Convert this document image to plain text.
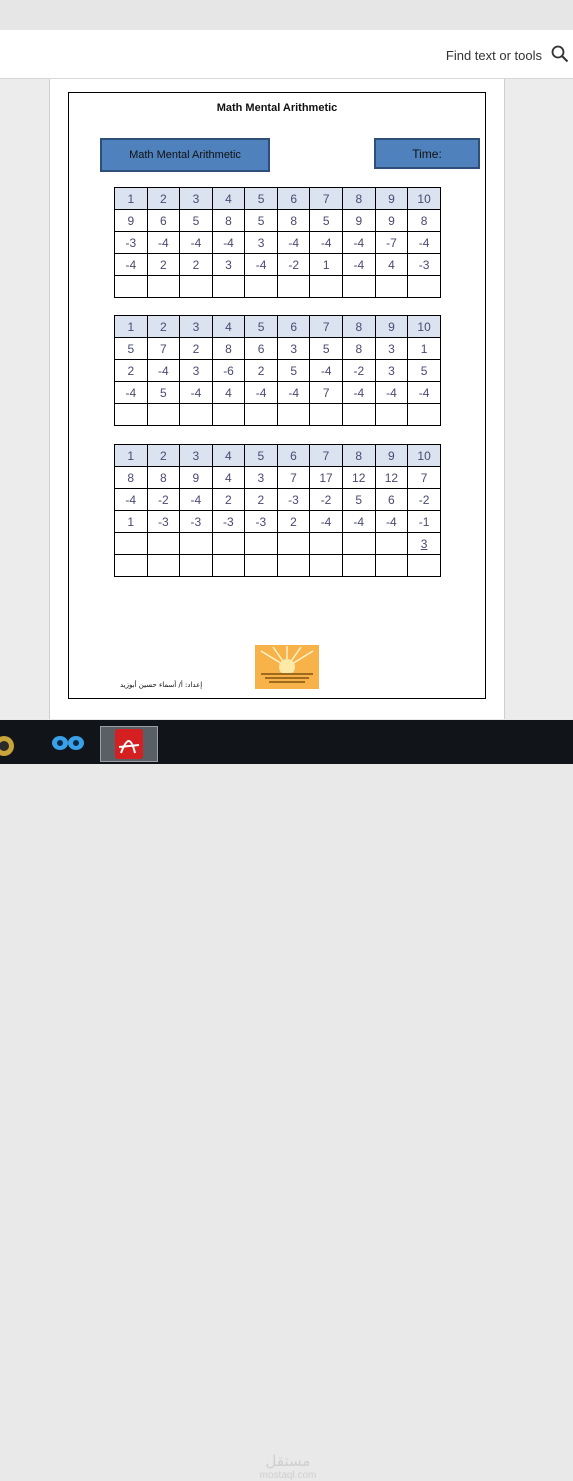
Find text or tools
Math Mental Arithmetic
Math Mental Arithmetic	Time:
1	2	3	4	5	6	7	8	9	10
9	6	5	8	5	8	5	9	9	8
-3	-4	-4	-4	3	-4	-4	-4	-7	-4
-4	2	2	3	-4	-2	1	-4	4	-3

1	2	3	4	5	6	7	8	9	10
5	7	2	8	6	3	5	8	3	1
2	-4	3	-6	2	5	-4	-2	3	5
-4	5	-4	4	-4	-4	7	-4	-4	-4

1	2	3	4	5	6	7	8	9	10
8	8	9	4	3	7	17	12	12	7
-4	-2	-4	2	2	-3	-2	5	6	-2
1	-3	-3	-3	-3	2	-4	-4	-4	-1
									3

إعداد: أ/ أسماء حسين أبوزيد
مستقل
mostaql.com
